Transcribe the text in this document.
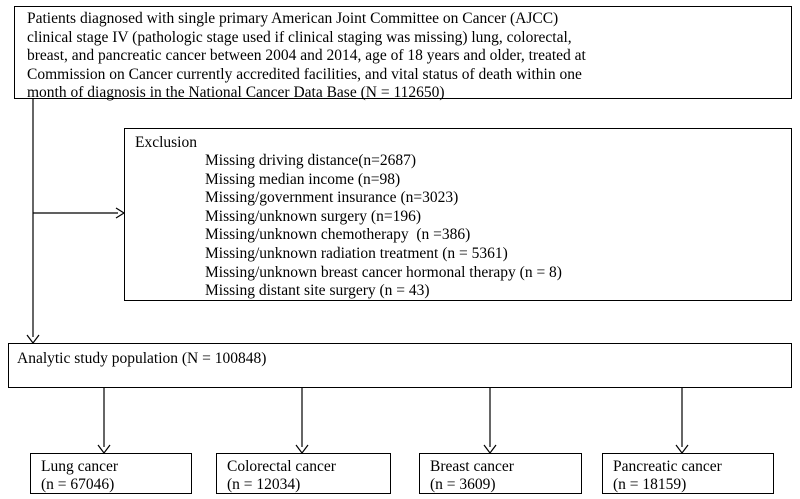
Patients diagnosed with single primary American Joint Committee on Cancer (AJCC)
clinical stage IV (pathologic stage used if clinical staging was missing) lung, colorectal,
breast, and pancreatic cancer between 2004 and 2014, age of 18 years and older, treated at
Commission on Cancer currently accredited facilities, and vital status of death within one
month of diagnosis in the National Cancer Data Base (N = 112650)
Exclusion
Missing driving distance(n=2687)
Missing median income (n=98)
Missing/government insurance (n=3023)
Missing/unknown surgery (n=196)
Missing/unknown chemotherapy  (n =386)
Missing/unknown radiation treatment (n = 5361)
Missing/unknown breast cancer hormonal therapy (n = 8)
Missing distant site surgery (n = 43)
Analytic study population (N = 100848)
Lung cancer
(n = 67046)
Colorectal cancer
(n = 12034)
Breast cancer
(n = 3609)
Pancreatic cancer
(n = 18159)
